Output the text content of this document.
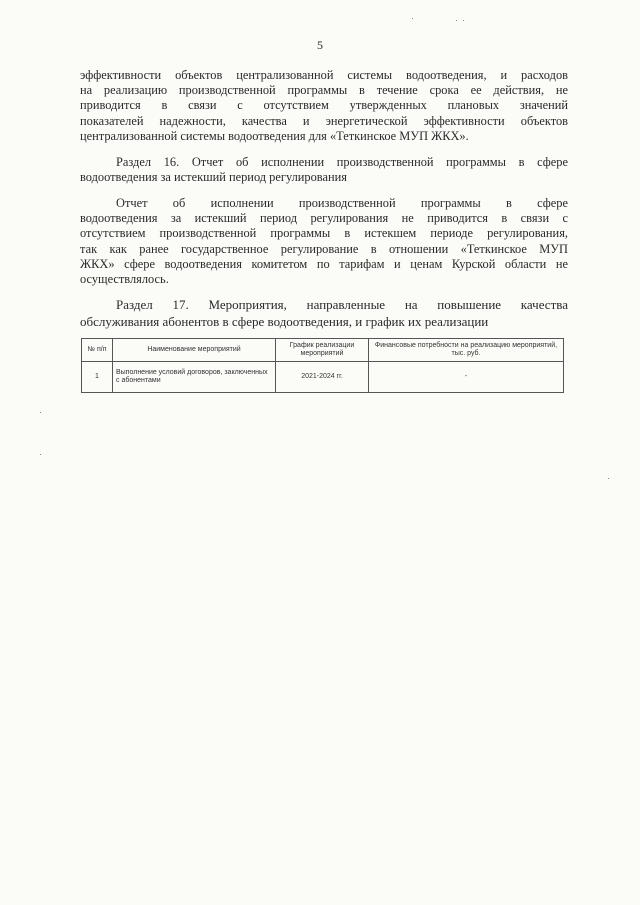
5
эффективности объектов централизованной системы водоотведения, и расходов
на реализацию производственной программы в течение срока ее действия, не
приводится в связи с отсутствием утвержденных плановых значений
показателей надежности, качества и энергетической эффективности объектов
централизованной системы водоотведения для «Теткинское МУП ЖКХ».
Раздел 16. Отчет об исполнении производственной программы в сфере
водоотведения за истекший период регулирования
Отчет об исполнении производственной программы в сфере
водоотведения за истекший период регулирования не приводится в связи с
отсутствием производственной программы в истекшем периоде регулирования,
так как ранее государственное регулирование в отношении «Теткинское МУП
ЖКХ» сфере водоотведения комитетом по тарифам и ценам Курской области не
осуществлялось.
Раздел 17. Мероприятия, направленные на повышение качества
обслуживания абонентов в сфере водоотведения, и график их реализации
№ п/п	Наименование мероприятий	График реализации мероприятий	Финансовые потребности на реализацию мероприятий, тыс. руб.
1	Выполнение условий договоров, заключенных с абонентами	2021-2024 гг.	-
